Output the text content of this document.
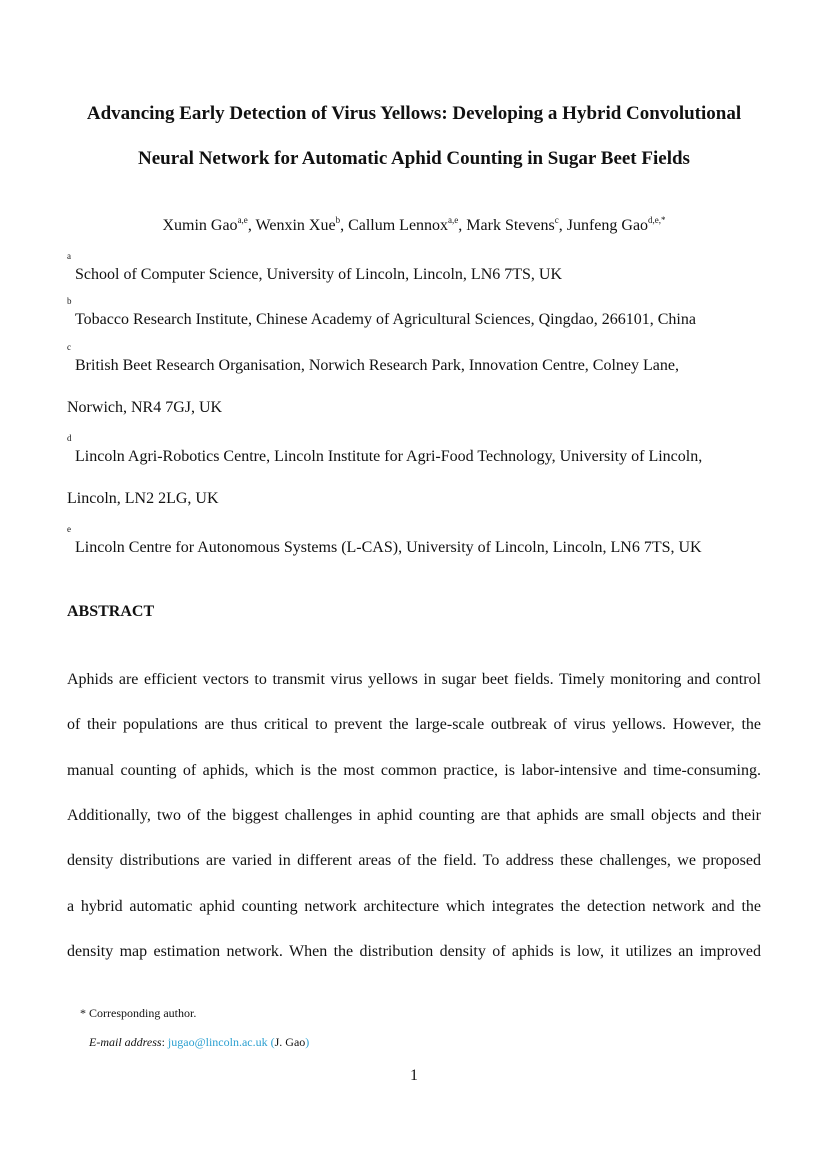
Advancing Early Detection of Virus Yellows: Developing a Hybrid Convolutional
Neural Network for Automatic Aphid Counting in Sugar Beet Fields
Xumin Gao$^{a,e}$, Wenxin Xue$^b$, Callum Lennox$^{a,e}$, Mark Stevens$^c$, Junfeng Gao$^{d,e,*}$
a
School of Computer Science, University of Lincoln, Lincoln, LN6 7TS, UK
b
Tobacco Research Institute, Chinese Academy of Agricultural Sciences, Qingdao, 266101, China
c
British Beet Research Organisation, Norwich Research Park, Innovation Centre, Colney Lane,
Norwich, NR4 7GJ, UK
d
Lincoln Agri-Robotics Centre, Lincoln Institute for Agri-Food Technology, University of Lincoln,
Lincoln, LN2 2LG, UK
e
Lincoln Centre for Autonomous Systems (L-CAS), University of Lincoln, Lincoln, LN6 7TS, UK
ABSTRACT
Aphids are efficient vectors to transmit virus yellows in sugar beet fields. Timely monitoring and control
of their populations are thus critical to prevent the large-scale outbreak of virus yellows. However, the
manual counting of aphids, which is the most common practice, is labor-intensive and time-consuming.
Additionally, two of the biggest challenges in aphid counting are that aphids are small objects and their
density distributions are varied in different areas of the field. To address these challenges, we proposed
a hybrid automatic aphid counting network architecture which integrates the detection network and the
density map estimation network. When the distribution density of aphids is low, it utilizes an improved
* Corresponding author.
E-mail address: jugao@lincoln.ac.uk (J. Gao)
1
